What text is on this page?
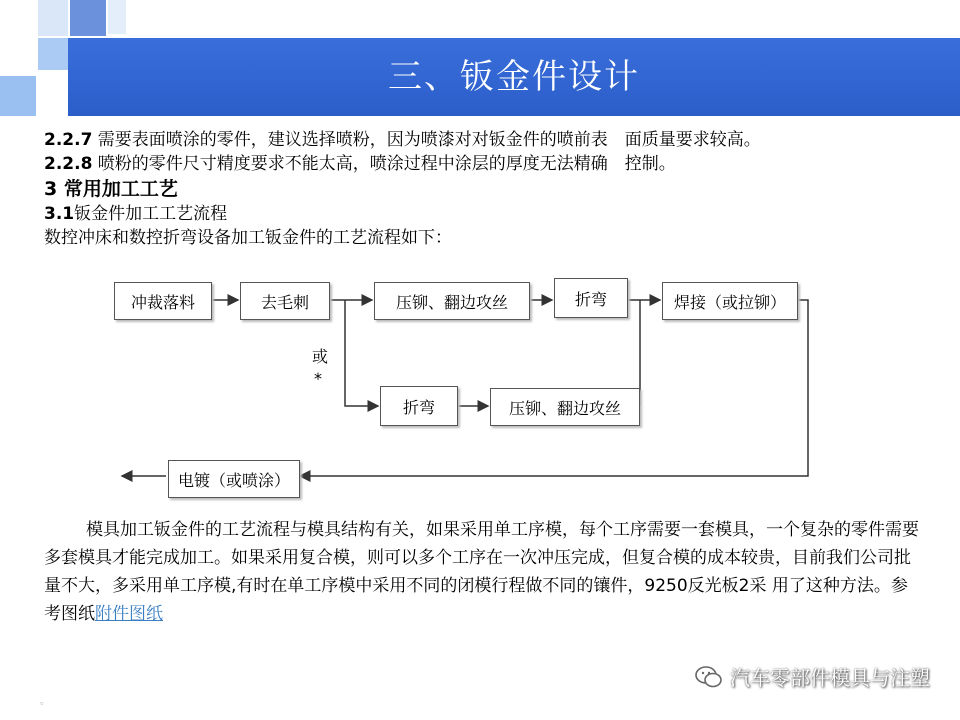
三、钣金件设计
2.2.7 需要表面喷涂的零件，建议选择喷粉，因为喷漆对对钣金件的喷前表　面质量要求较高。
2.2.8 喷粉的零件尺寸精度要求不能太高，喷涂过程中涂层的厚度无法精确　控制。
3 常用加工工艺
3.1钣金件加工工艺流程
数控冲床和数控折弯设备加工钣金件的工艺流程如下：
冲裁落料	去毛刺	压铆、翻边攻丝	折弯	焊接（或拉铆）
折弯	压铆、翻边攻丝
电镀（或喷涂）
或
*
模具加工钣金件的工艺流程与模具结构有关，如果采用单工序模，每个工序需要一套模具，一个复杂的零件需要多套模具才能完成加工。如果采用复合模，则可以多个工序在一次冲压完成，但复合模的成本较贵，目前我们公司批量不大，多采用单工序模,有时在单工序模中采用不同的闭模行程做不同的镶件，9250反光板2采 用了这种方法。参考图纸附件图纸
汽车零部件模具与注塑
。
